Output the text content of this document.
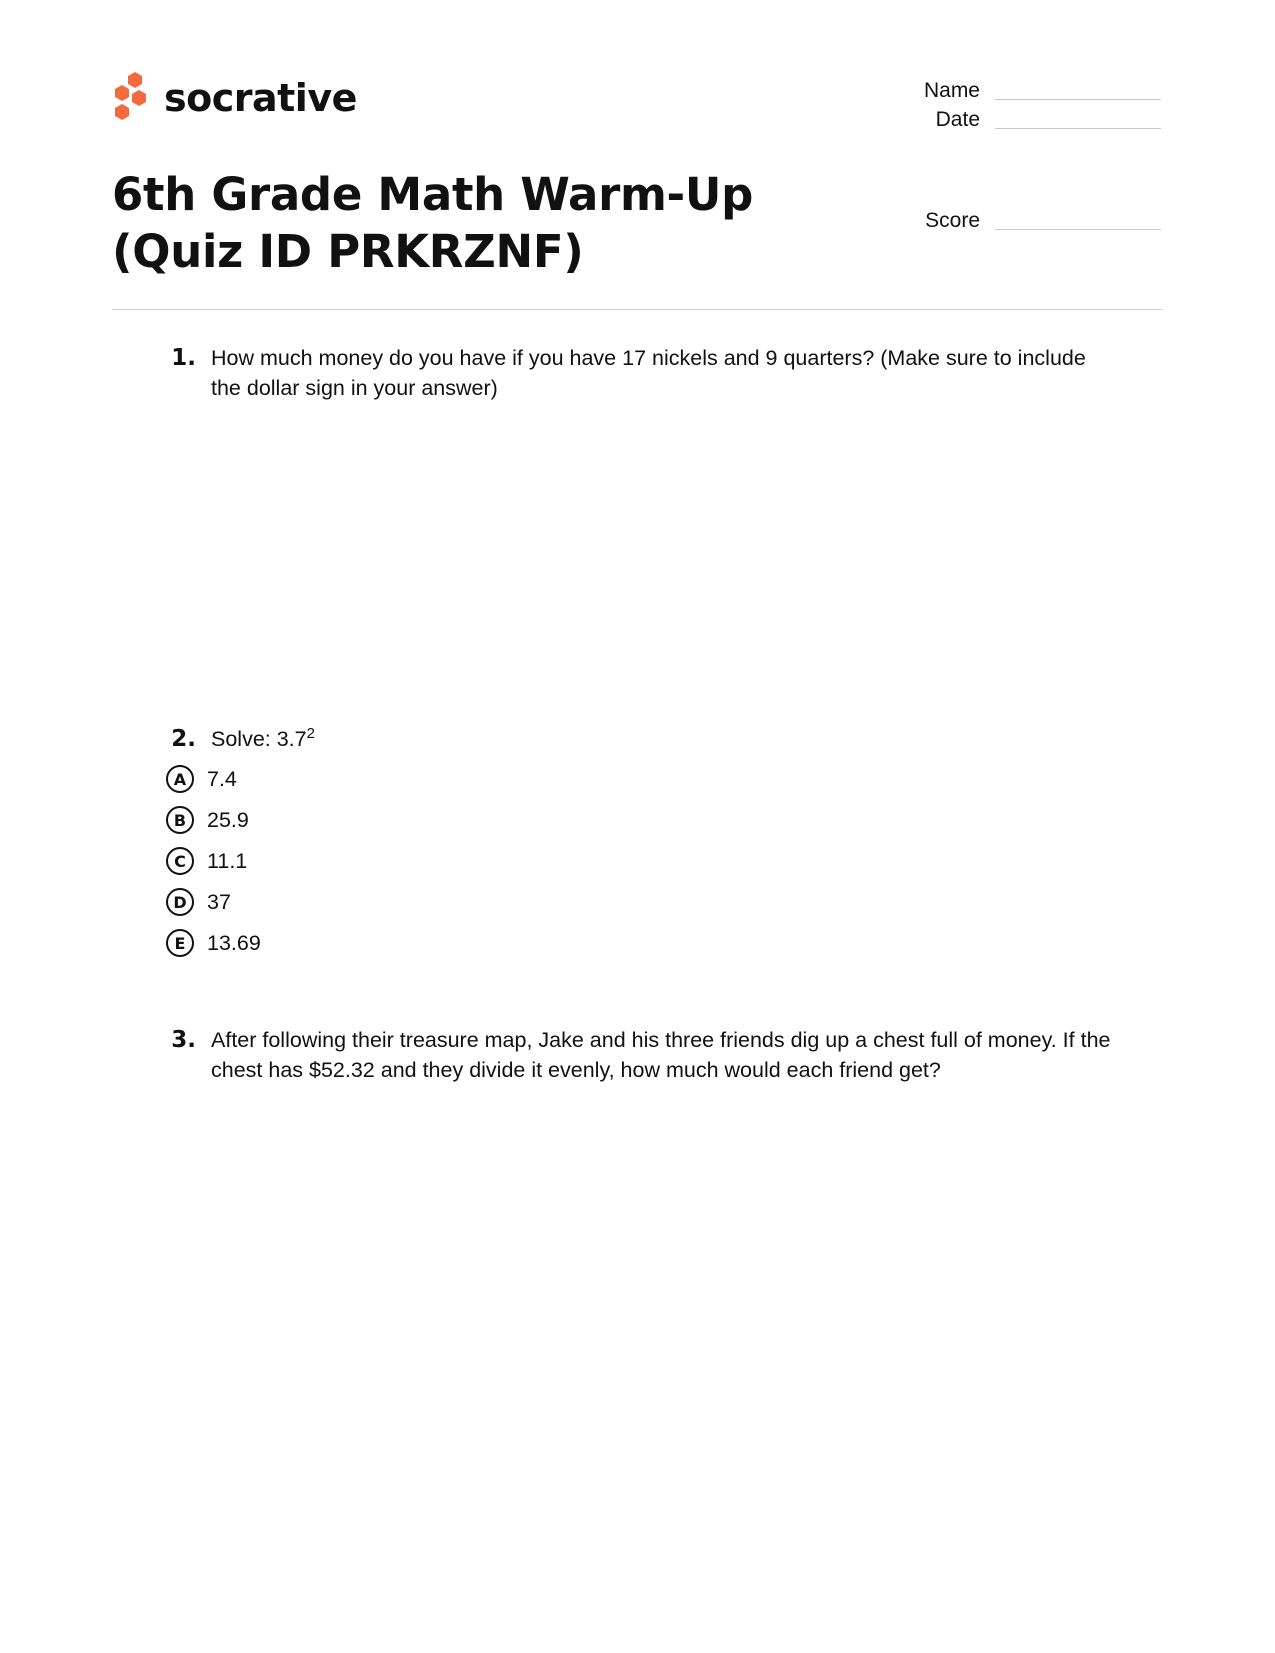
socrative	Name
Date
Score
6th Grade Math Warm-Up (Quiz ID PRKRZNF)
1. How much money do you have if you have 17 nickels and 9 quarters? (Make sure to include the dollar sign in your answer)
2. Solve: $3.7^2$
A 7.4
B 25.9
C 11.1
D 37
E	13.69
3. After following their treasure map, Jake and his three friends dig up a chest full of money. If the chest has $52.32 and they divide it evenly, how much would each friend get?
